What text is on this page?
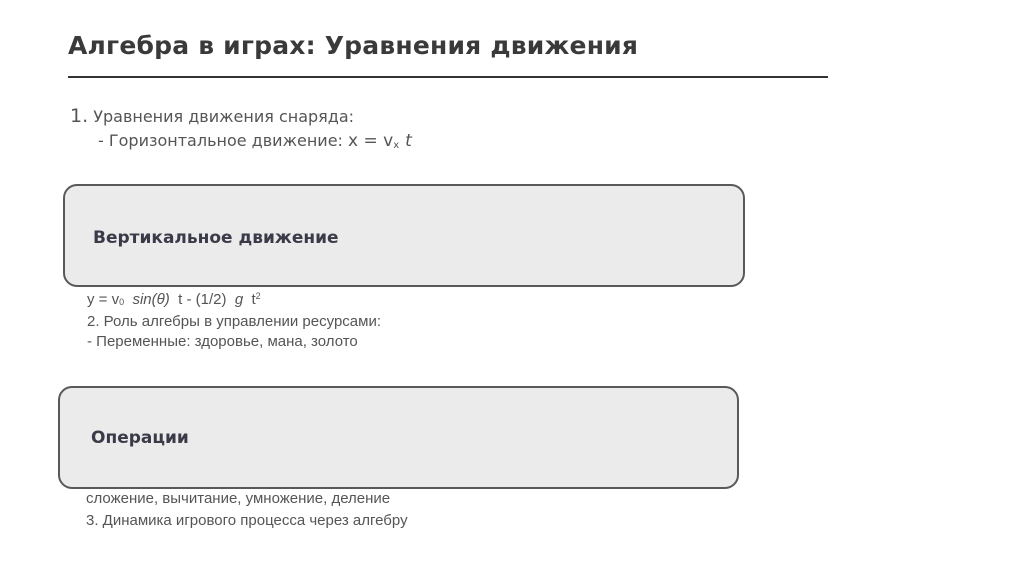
Алгебра в играх: Уравнения движения
1. Уравнения движения снаряда:
- Горизонтальное движение: $x = v_x$ t
Вертикальное движение
y = v0 sin(θ) t - (1/2) g $t^2$
2. Роль алгебры в управлении ресурсами:
- Переменные: здоровье, мана, золото
Операции
сложение, вычитание, умножение, деление
3. Динамика игрового процесса через алгебру
